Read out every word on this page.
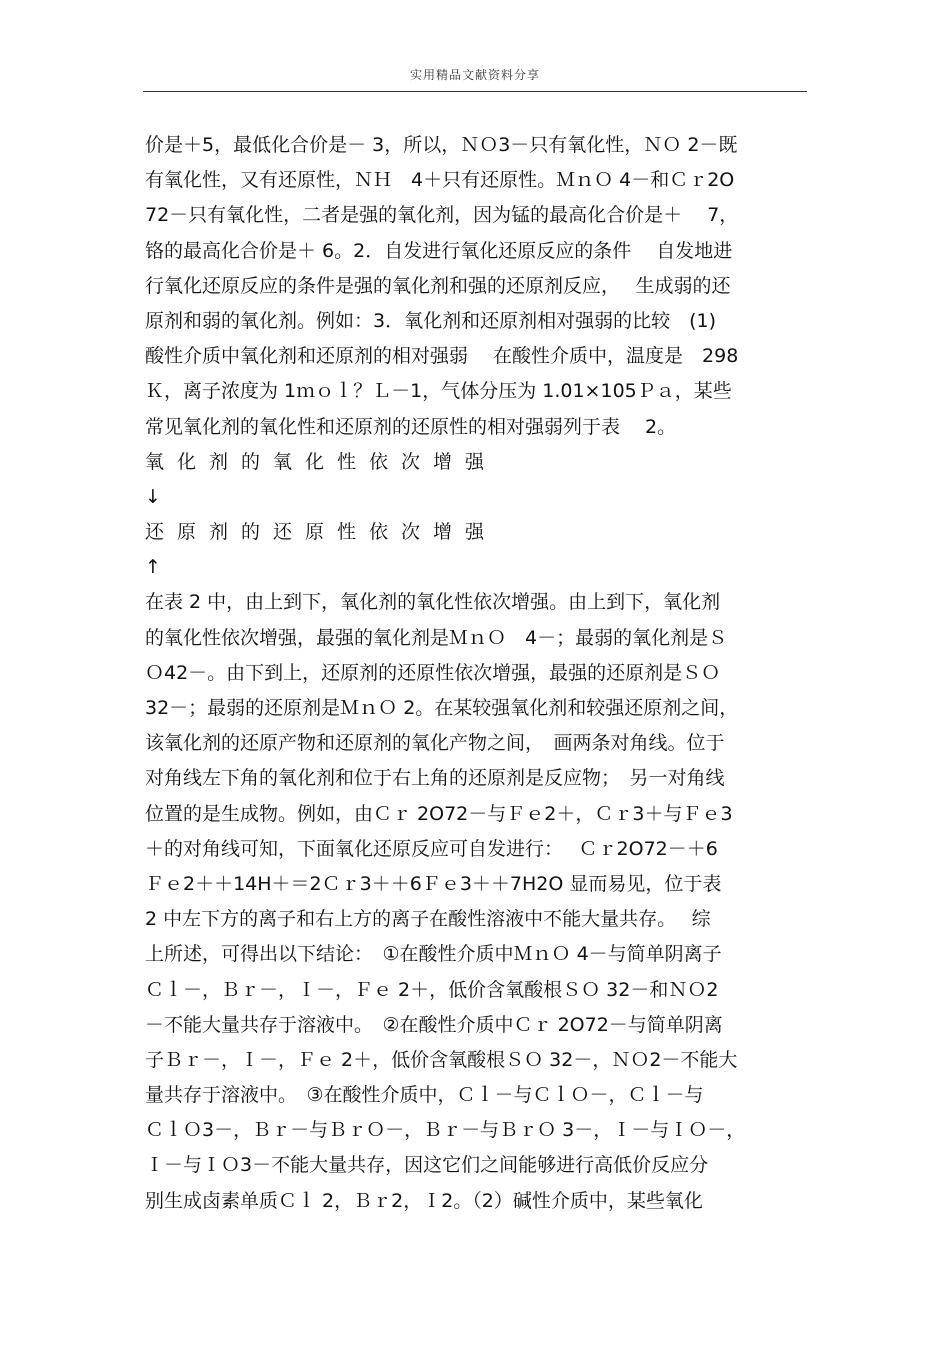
实用精品文献资料分享
价是＋5，最低化合价是－ 3，所以，ＮＯ3－只有氧化性，ＮＯ 2－既
有氧化性，又有还原性，ＮＨ　4＋只有还原性。ＭｎＯ 4－和Ｃｒ2O
72－只有氧化性，二者是强的氧化剂，因为锰的最高化合价是＋　 7，
铬的最高化合价是＋ 6。2．自发进行氧化还原反应的条件　 自发地进
行氧化还原反应的条件是强的氧化剂和强的还原剂反应，　 生成弱的还
原剂和弱的氧化剂。例如：3．氧化剂和还原剂相对强弱的比较　(1)
酸性介质中氧化剂和还原剂的相对强弱　 在酸性介质中，温度是　298
Ｋ，离子浓度为 1ｍｏｌ？Ｌ－1，气体分压为 1.01×105Ｐａ，某些
常见氧化剂的氧化性和还原剂的还原性的相对强弱列于表　 2。
氧化剂的氧化性依次增强
↓
还原剂的还原性依次增强
↑
在表 2 中，由上到下，氧化剂的氧化性依次增强。由上到下，氧化剂
的氧化性依次增强，最强的氧化剂是ＭｎＯ　4－；最弱的氧化剂是Ｓ
Ｏ42－。由下到上，还原剂的还原性依次增强，最强的还原剂是ＳＯ
32－；最弱的还原剂是ＭｎＯ 2。在某较强氧化剂和较强还原剂之间，
该氧化剂的还原产物和还原剂的氧化产物之间，　画两条对角线。位于
对角线左下角的氧化剂和位于右上角的还原剂是反应物；　另一对角线
位置的是生成物。例如，由Ｃｒ 2O72－与Ｆｅ2＋，Ｃｒ3＋与Ｆｅ3
＋的对角线可知，下面氧化还原反应可自发进行：　 Ｃｒ2O72－＋6
Ｆｅ2＋＋14H＋＝2Ｃｒ3＋＋6Ｆｅ3＋＋7H2O 显而易见，位于表
2 中左下方的离子和右上方的离子在酸性溶液中不能大量共存。　 综
上所述，可得出以下结论：　①在酸性介质中ＭｎＯ 4－与简单阴离子
Ｃｌ－，Ｂｒ－，Ｉ－，Ｆｅ 2＋，低价含氧酸根ＳＯ 32－和ＮＯ2
－不能大量共存于溶液中。　②在酸性介质中Ｃｒ 2O72－与简单阴离
子Ｂｒ－，Ｉ－，Ｆｅ 2＋，低价含氧酸根ＳＯ 32－，ＮＯ2－不能大
量共存于溶液中。　③在酸性介质中，Ｃｌ－与ＣｌＯ－，Ｃｌ－与
ＣｌＯ3－，Ｂｒ－与ＢｒＯ－，Ｂｒ－与ＢｒＯ 3－，Ｉ－与ＩＯ－，
Ｉ－与ＩＯ3－不能大量共存，因这它们之间能够进行高低价反应分
别生成卤素单质Ｃｌ 2，Ｂｒ2，Ｉ2。（2）碱性介质中，某些氧化
